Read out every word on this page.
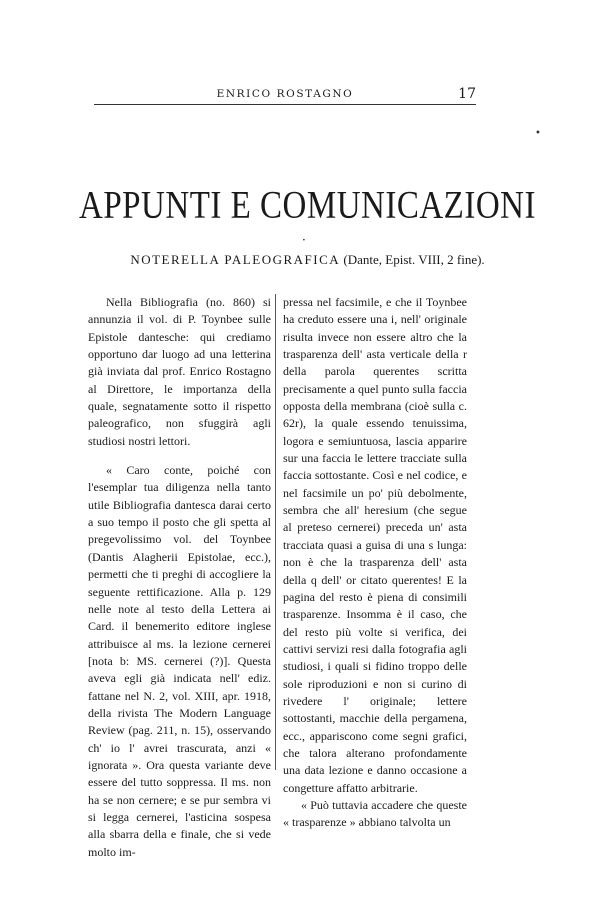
ENRICO ROSTAGNO	17
•
APPUNTI E COMUNICAZIONI
·
NOTERELLA PALEOGRAFICA (Dante, Epist. VIII, 2 fine).

Nella Bibliografia (no. 860) si annunzia il vol. di P. Toynbee sulle Epistole dantesche: qui crediamo opportuno dar luogo ad una letterina già inviata dal prof. Enrico Rostagno al Direttore, le importanza della quale, segnatamente sotto il rispetto paleografico, non sfuggirà agli studiosi nostri lettori.

« Caro conte, poiché con l'esemplar tua diligenza nella tanto utile Bibliografia dantesca darai certo a suo tempo il posto che gli spetta al pregevolissimo vol. del Toynbee (Dantis Alagherii Epistolae, ecc.), permetti che ti preghi di accogliere la seguente rettificazione. Alla p. 129 nelle note al testo della Lettera ai Card. il benemerito editore inglese attribuisce al ms. la lezione cernerei [nota b: MS. cernerei (?)]. Questa aveva egli già indicata nell' ediz. fattane nel N. 2, vol. XIII, apr. 1918, della rivista The Modern Language Review (pag. 211, n. 15), osservando ch' io l' avrei trascurata, anzi « ignorata ». Ora questa variante deve essere del tutto soppressa. Il ms. non ha se non cernere; e se pur sembra vi si legga cernerei, l'asticina sospesa alla sbarra della e finale, che si vede molto im-

pressa nel facsimile, e che il Toynbee ha creduto essere una i, nell' originale risulta invece non essere altro che la trasparenza dell' asta verticale della r della parola querentes scritta precisamente a quel punto sulla faccia opposta della membrana (cioè sulla c. 62r), la quale essendo tenuissima, logora e semiuntuosa, lascia apparire sur una faccia le lettere tracciate sulla faccia sottostante. Così e nel codice, e nel facsimile un po' più debolmente, sembra che all' heresium (che segue al preteso cernerei) preceda un' asta tracciata quasi a guisa di una s lunga: non è che la trasparenza dell' asta della q dell' or citato querentes! E la pagina del resto è piena di consimili trasparenze. Insomma è il caso, che del resto più volte si verifica, dei cattivi servizi resi dalla fotografia agli studiosi, i quali si fidino troppo delle sole riproduzioni e non si curino di rivedere l' originale; lettere sottostanti, macchie della pergamena, ecc., appariscono come segni grafici, che talora alterano profondamente una data lezione e danno occasione a congetture affatto arbitrarie.

« Può tuttavia accadere che queste « trasparenze » abbiano talvolta un
